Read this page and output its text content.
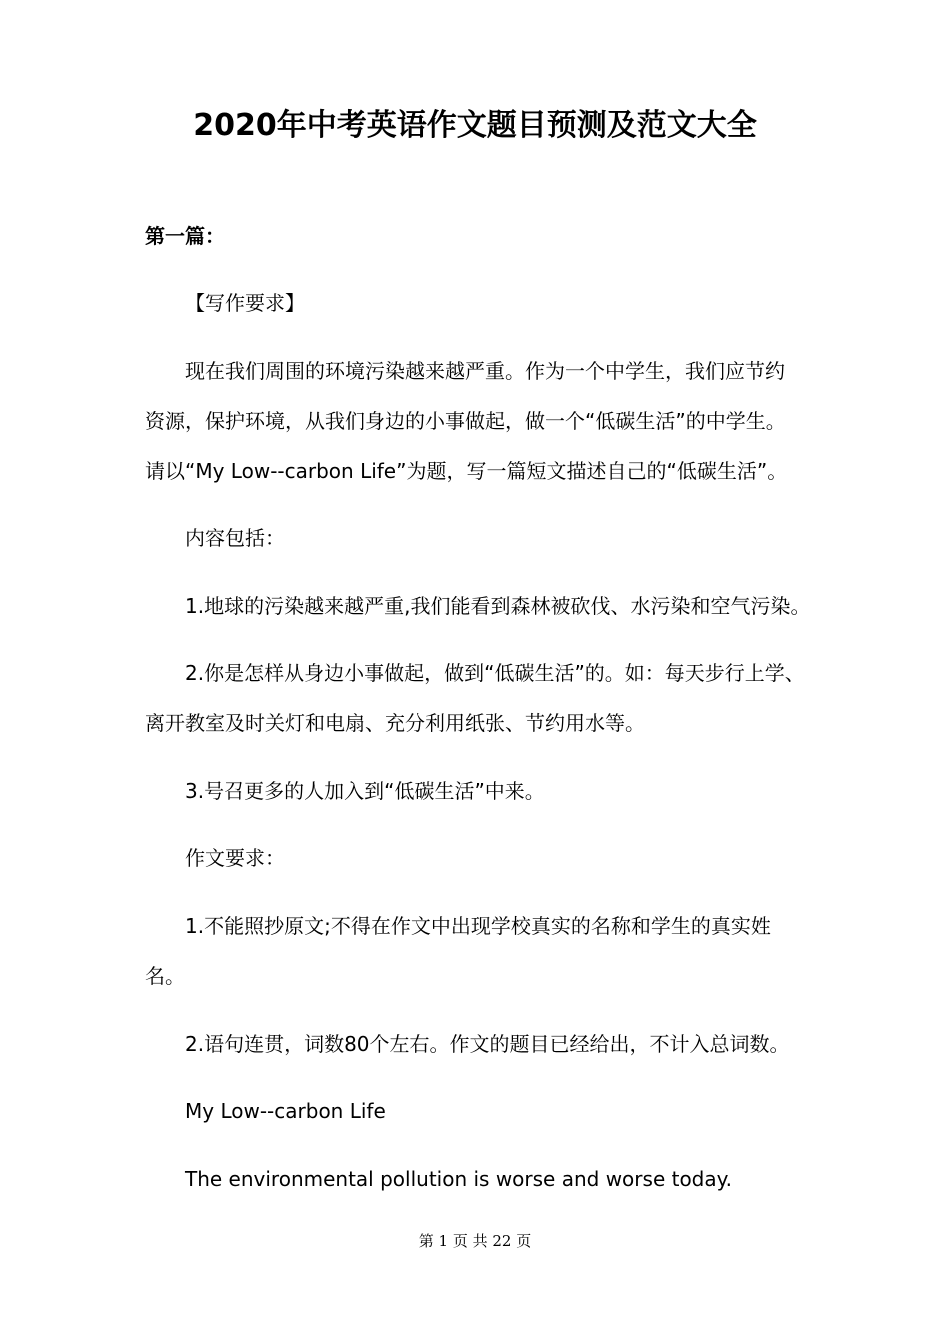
2020年中考英语作文题目预测及范文大全
第一篇：
【写作要求】
现在我们周围的环境污染越来越严重。作为一个中学生，我们应节约
资源，保护环境，从我们身边的小事做起，做一个“低碳生活”的中学生。
请以“My Low--carbon Life”为题，写一篇短文描述自己的“低碳生活”。
内容包括：
1.地球的污染越来越严重,我们能看到森林被砍伐、水污染和空气污染。
2.你是怎样从身边小事做起，做到“低碳生活”的。如：每天步行上学、
离开教室及时关灯和电扇、充分利用纸张、节约用水等。
3.号召更多的人加入到“低碳生活”中来。
作文要求：
1.不能照抄原文;不得在作文中出现学校真实的名称和学生的真实姓
名。
2.语句连贯，词数80个左右。作文的题目已经给出，不计入总词数。
My Low--carbon Life
The environmental pollution is worse and worse today.
第 1 页 共 22 页
